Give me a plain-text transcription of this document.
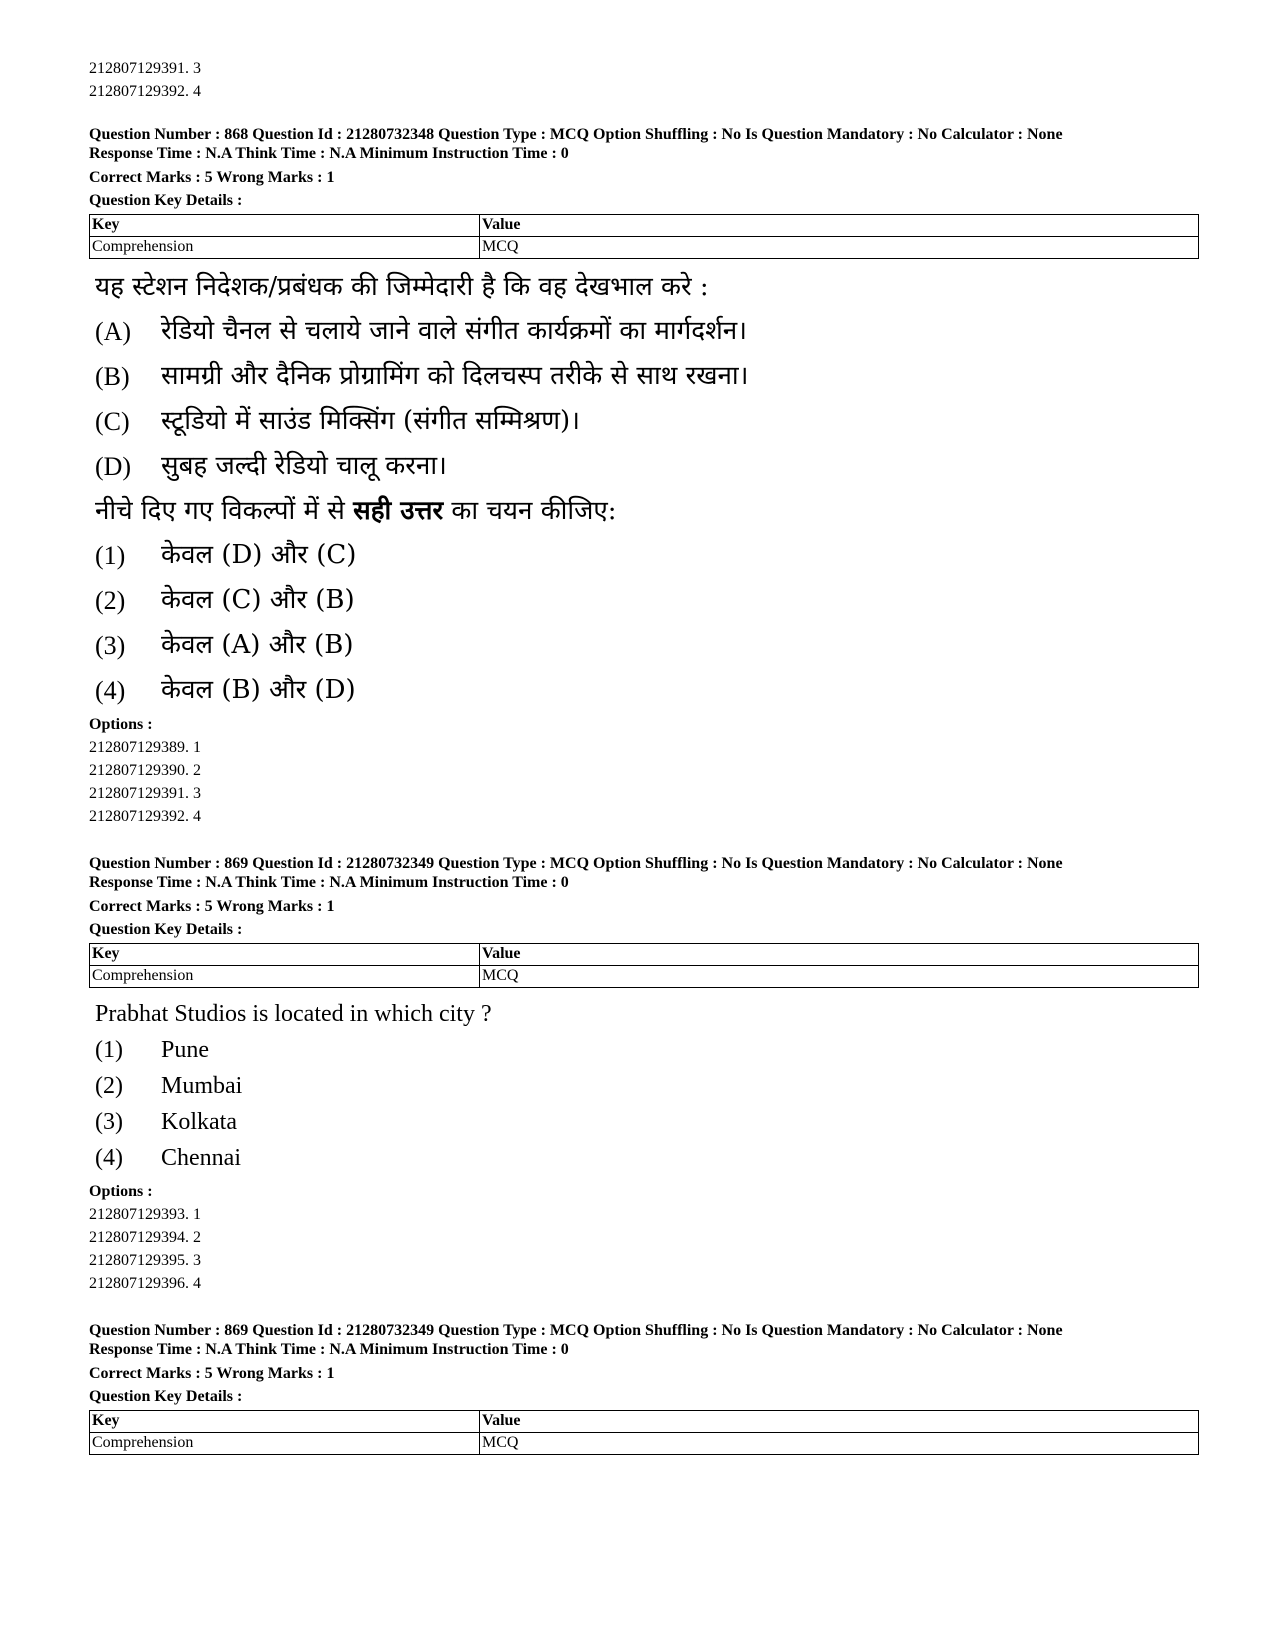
212807129391. 3

212807129392. 4

Question Number : 868 Question Id : 21280732348 Question Type : MCQ Option Shuffling : No Is Question Mandatory : No Calculator : None

Response Time : N.A Think Time : N.A Minimum Instruction Time : 0

Correct Marks : 5 Wrong Marks : 1

Question Key Details :

Key	Value
Comprehension	MCQ

यह स्टेशन निदेशक/प्रबंधक की जिम्मेदारी है कि वह देखभाल करे :

(A)	रेडियो चैनल से चलाये जाने वाले संगीत कार्यक्रमों का मार्गदर्शन।
(B)	सामग्री और दैनिक प्रोग्रामिंग को दिलचस्प तरीके से साथ रखना।
(C)	स्टूडियो में साउंड मिक्सिंग (संगीत सम्मिश्रण)।
(D)	सुबह जल्दी रेडियो चालू करना।

नीचे दिए गए विकल्पों में से सही उत्तर का चयन कीजिए:

(1)	केवल (D) और (C)
(2)	केवल (C) और (B)
(3)	केवल (A) और (B)
(4)	केवल (B) और (D)

Options :

212807129389. 1

212807129390. 2

212807129391. 3

212807129392. 4

Question Number : 869 Question Id : 21280732349 Question Type : MCQ Option Shuffling : No Is Question Mandatory : No Calculator : None

Response Time : N.A Think Time : N.A Minimum Instruction Time : 0

Correct Marks : 5 Wrong Marks : 1

Question Key Details :

Key	Value
Comprehension	MCQ

Prabhat Studios is located in which city ?

(1)	Pune
(2)	Mumbai
(3)	Kolkata
(4)	Chennai

Options :

212807129393. 1

212807129394. 2

212807129395. 3

212807129396. 4

Question Number : 869 Question Id : 21280732349 Question Type : MCQ Option Shuffling : No Is Question Mandatory : No Calculator : None

Response Time : N.A Think Time : N.A Minimum Instruction Time : 0

Correct Marks : 5 Wrong Marks : 1

Question Key Details :

Key	Value
Comprehension	MCQ
